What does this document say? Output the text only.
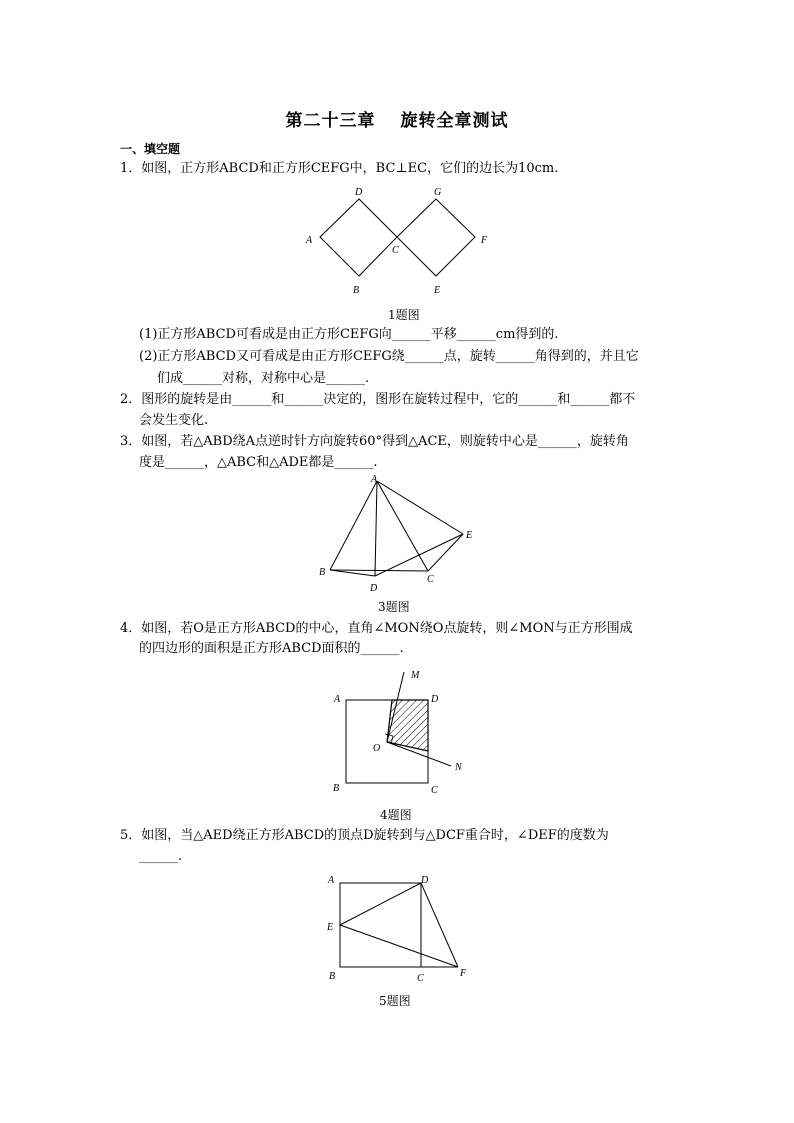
第二十三章　 旋转全章测试
一、填空题
1．如图，正方形ABCD和正方形CEFG中，BC⊥EC，它们的边长为10cm.
D	G
A
C
F
B	E
1题图
(1)正方形ABCD可看成是由正方形CEFG向______平移______cm得到的.
(2)正方形ABCD又可看成是由正方形CEFG绕______点，旋转______角得到的，并且它
们成______对称，对称中心是______.
2．图形的旋转是由______和______决定的，图形在旋转过程中，它的______和______都不
会发生变化.
3．如图，若△ABD绕A点逆时针方向旋转60°得到△ACE，则旋转中心是______，旋转角
度是______，△ABC和△ADE都是______.
A
E
B
D
C
3题图
4．如图，若O是正方形ABCD的中心，直角∠MON绕O点旋转，则∠MON与正方形围成
的四边形的面积是正方形ABCD面积的______.
M
A	D
O
N
B	C
4题图
5．如图，当△AED绕正方形ABCD的顶点D旋转到与△DCF重合时，∠DEF的度数为
______.
A	D
E
B	C	F
5题图
